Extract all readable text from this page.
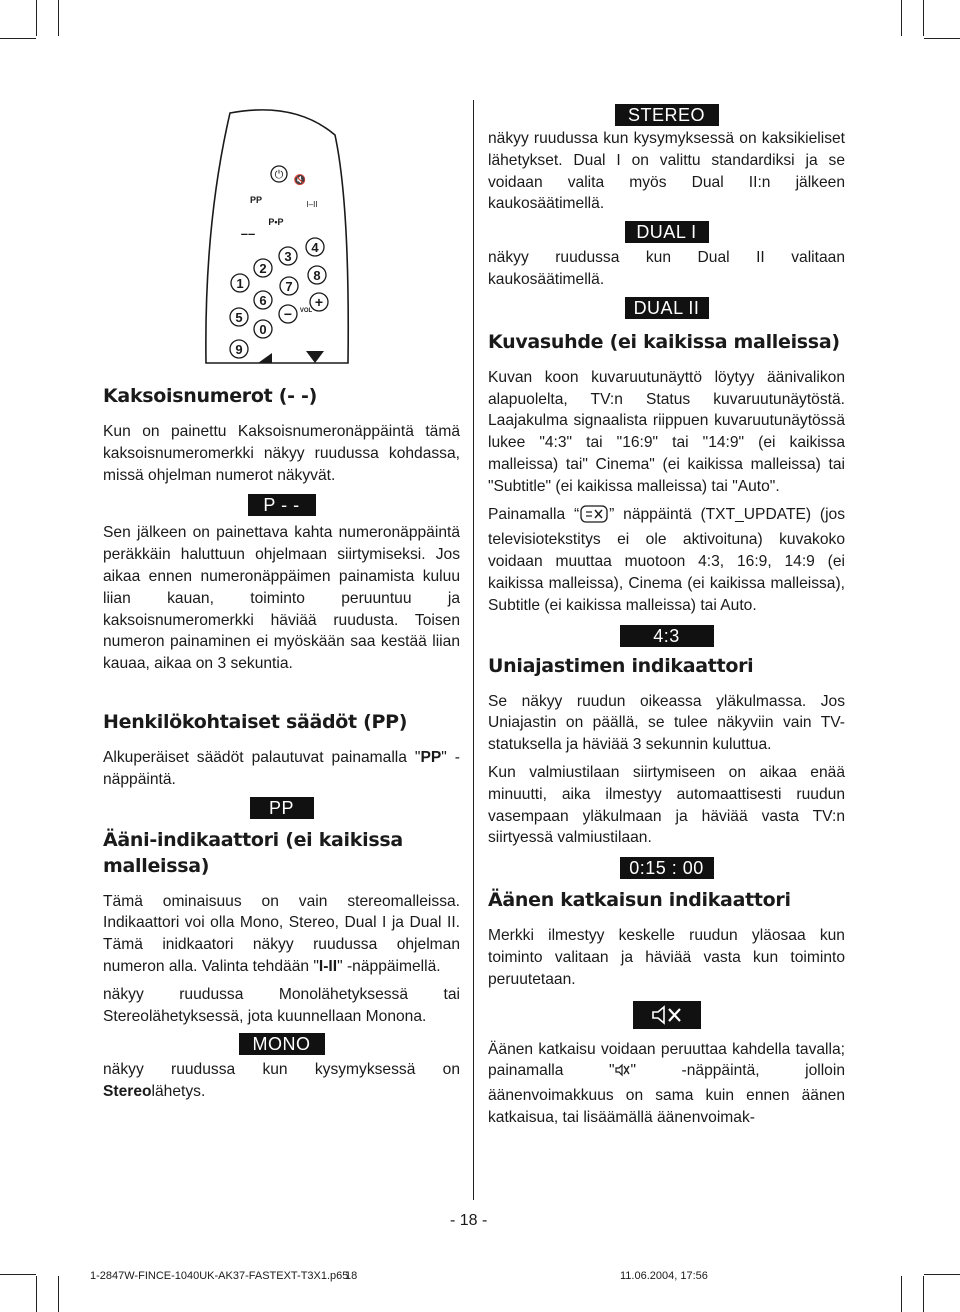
⏻ 🔇
PP	I–II
P•P
––
4
3
2	8
1	7
6	+
VOL
−
5
0
9
Kaksoisnumerot (- -)

Kun on painettu Kaksoisnumeronäppäintä tämä kaksoisnumeromerkki näkyy ruudussa kohdassa, missä ohjelman numerot näkyvät.

P - -

Sen jälkeen on painettava kahta numeronäppäintä peräkkäin haluttuun ohjelmaan siirtymiseksi. Jos aikaa ennen numeronäppäimen painamista kuluu liian kauan, toiminto peruuntuu ja kaksoisnumeromerkki häviää ruudusta. Toisen numeron painaminen ei myöskään saa kestää liian kauaa, aikaa on 3 sekuntia.

Henkilökohtaiset säädöt (PP)

Alkuperäiset säädöt palautuvat painamalla "PP" -näppäintä.

PP
Ääni-indikaattori (ei kaikissa
malleissa)

Tämä ominaisuus on vain stereomalleissa. Indikaattori voi olla Mono, Stereo, Dual I ja Dual II. Tämä inidkaatori näkyy ruudussa ohjelman numeron alla. Valinta tehdään "I-II" -näppäimellä.

näkyy ruudussa Monolähetyksessä tai Stereolähetyksessä, jota kuunnellaan Monona.

MONO

näkyy ruudussa kun kysymyksessä on Stereolähetys.

STEREO

näkyy ruudussa kun kysymyksessä on kaksikieliset lähetykset. Dual I on valittu standardiksi ja se voidaan valita myös Dual II:n jälkeen kaukosäätimellä.

DUAL I

näkyy ruudussa kun Dual II valitaan kaukosäätimellä.

DUAL II
Kuvasuhde (ei kaikissa malleissa)

Kuvan koon kuvaruutunäyttö löytyy äänivalikon alapuolelta, TV:n Status kuvaruutunäytöstä. Laajakulma signaalista riippuen kuvaruutunäytössä lukee "4:3" tai "16:9" tai "14:9" (ei kaikissa malleissa) tai" Cinema" (ei kaikissa malleissa) tai "Subtitle" (ei kaikissa malleissa) tai "Auto".

Painamalla “ ” näppäintä (TXT_UPDATE) (jos televisiotekstitys ei ole aktivoituna) kuvakoko voidaan muuttaa muotoon 4:3, 16:9, 14:9 (ei kaikissa malleissa), Cinema (ei kaikissa malleissa), Subtitle (ei kaikissa malleissa) tai Auto.

4:3
Uniajastimen indikaattori

Se näkyy ruudun oikeassa yläkulmassa. Jos Uniajastin on päällä, se tulee näkyviin vain TV-statuksella ja häviää 3 sekunnin kuluttua.

Kun valmiustilaan siirtymiseen on aikaa enää minuutti, aika ilmestyy automaattisesti ruudun vasempaan yläkulmaan ja häviää vasta TV:n siirtyessä valmiustilaan.

0:15 : 00
Äänen katkaisun indikaattori

Merkki ilmestyy keskelle ruudun yläosaa kun toiminto valitaan ja häviää vasta kun toiminto peruutetaan.

Äänen katkaisu voidaan peruuttaa kahdella tavalla; painamalla " " -näppäintä, jolloin äänenvoimakkuus on sama kuin ennen äänen katkaisua, tai lisäämällä äänenvoimak-

- 18 -
1-2847W-FINCE-1040UK-AK37-FASTEXT-T3X1.p65
18	11.06.2004, 17:56
